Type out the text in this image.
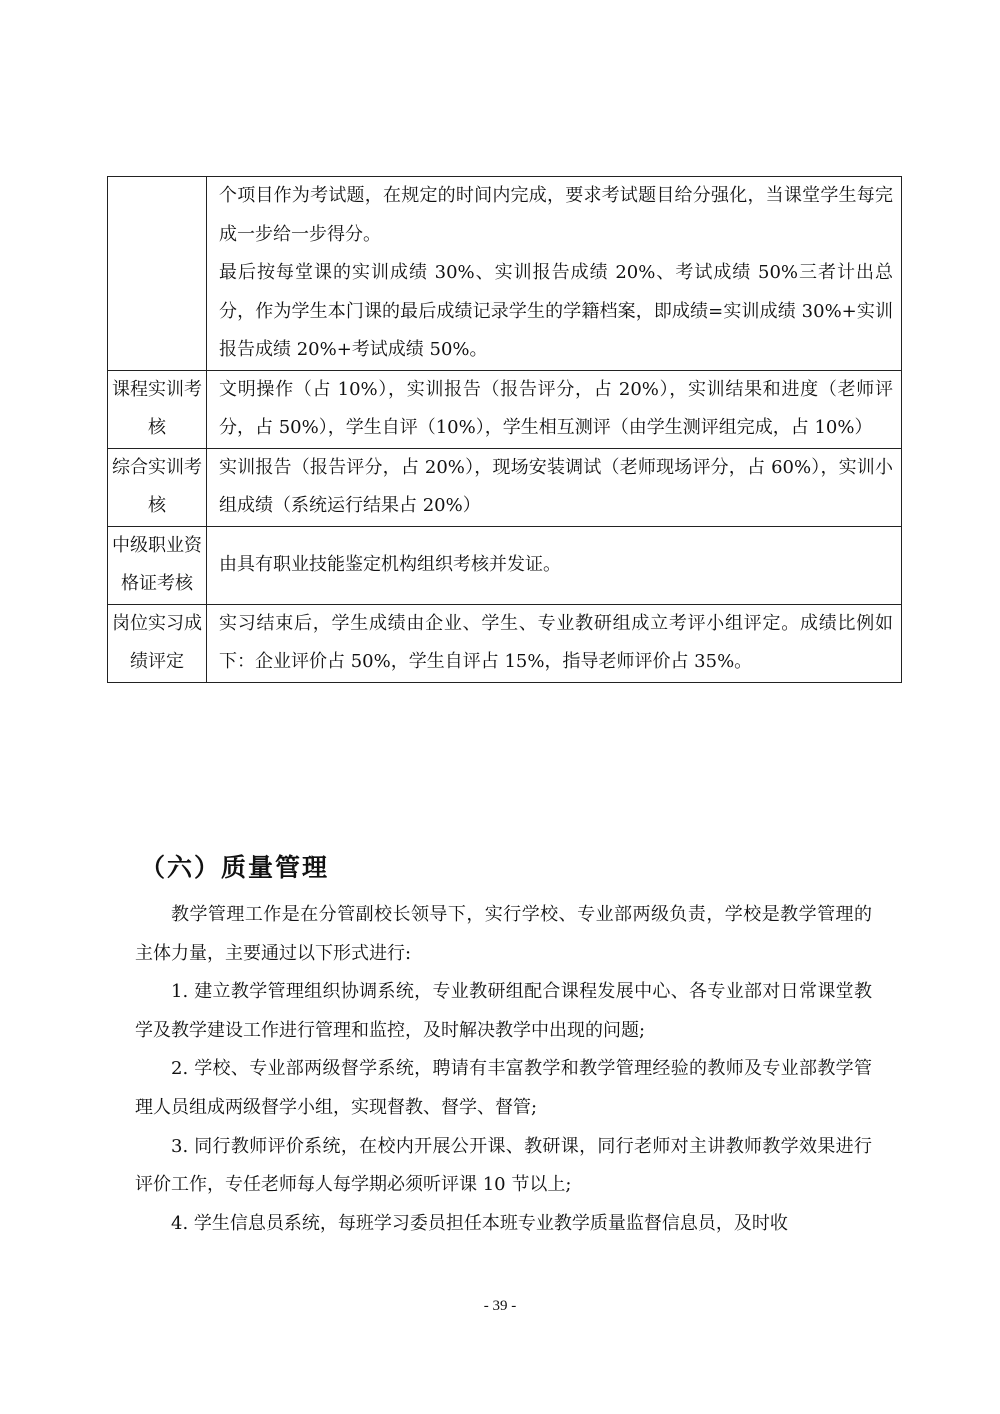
	个项目作为考试题，在规定的时间内完成，要求考试题目给分强化，当课堂学生每完成一步给一步得分。
最后按每堂课的实训成绩 30%、实训报告成绩 20%、考试成绩 50%三者计出总分，作为学生本门课的最后成绩记录学生的学籍档案，即成绩=实训成绩 30%+实训报告成绩 20%+考试成绩 50%。

课程实训考核	文明操作（占 10%），实训报告（报告评分，占 20%），实训结果和进度（老师评分，占 50%），学生自评（10%），学生相互测评（由学生测评组完成，占 10%）

综合实训考核	实训报告（报告评分，占 20%），现场安装调试（老师现场评分，占 60%），实训小组成绩（系统运行结果占 20%）

中级职业资格证考核	由具有职业技能鉴定机构组织考核并发证。

岗位实习成绩评定	实习结束后，学生成绩由企业、学生、专业教研组成立考评小组评定。成绩比例如下：企业评价占 50%，学生自评占 15%，指导老师评价占 35%。
（六）质量管理

教学管理工作是在分管副校长领导下，实行学校、专业部两级负责，学校是教学管理的主体力量，主要通过以下形式进行:

1. 建立教学管理组织协调系统，专业教研组配合课程发展中心、各专业部对日常课堂教学及教学建设工作进行管理和监控，及时解决教学中出现的问题;

2. 学校、专业部两级督学系统，聘请有丰富教学和教学管理经验的教师及专业部教学管理人员组成两级督学小组，实现督教、督学、督管;

3. 同行教师评价系统，在校内开展公开课、教研课，同行老师对主讲教师教学效果进行评价工作，专任老师每人每学期必须听评课 10 节以上;

4. 学生信息员系统，每班学习委员担任本班专业教学质量监督信息员，及时收

- 39 -
